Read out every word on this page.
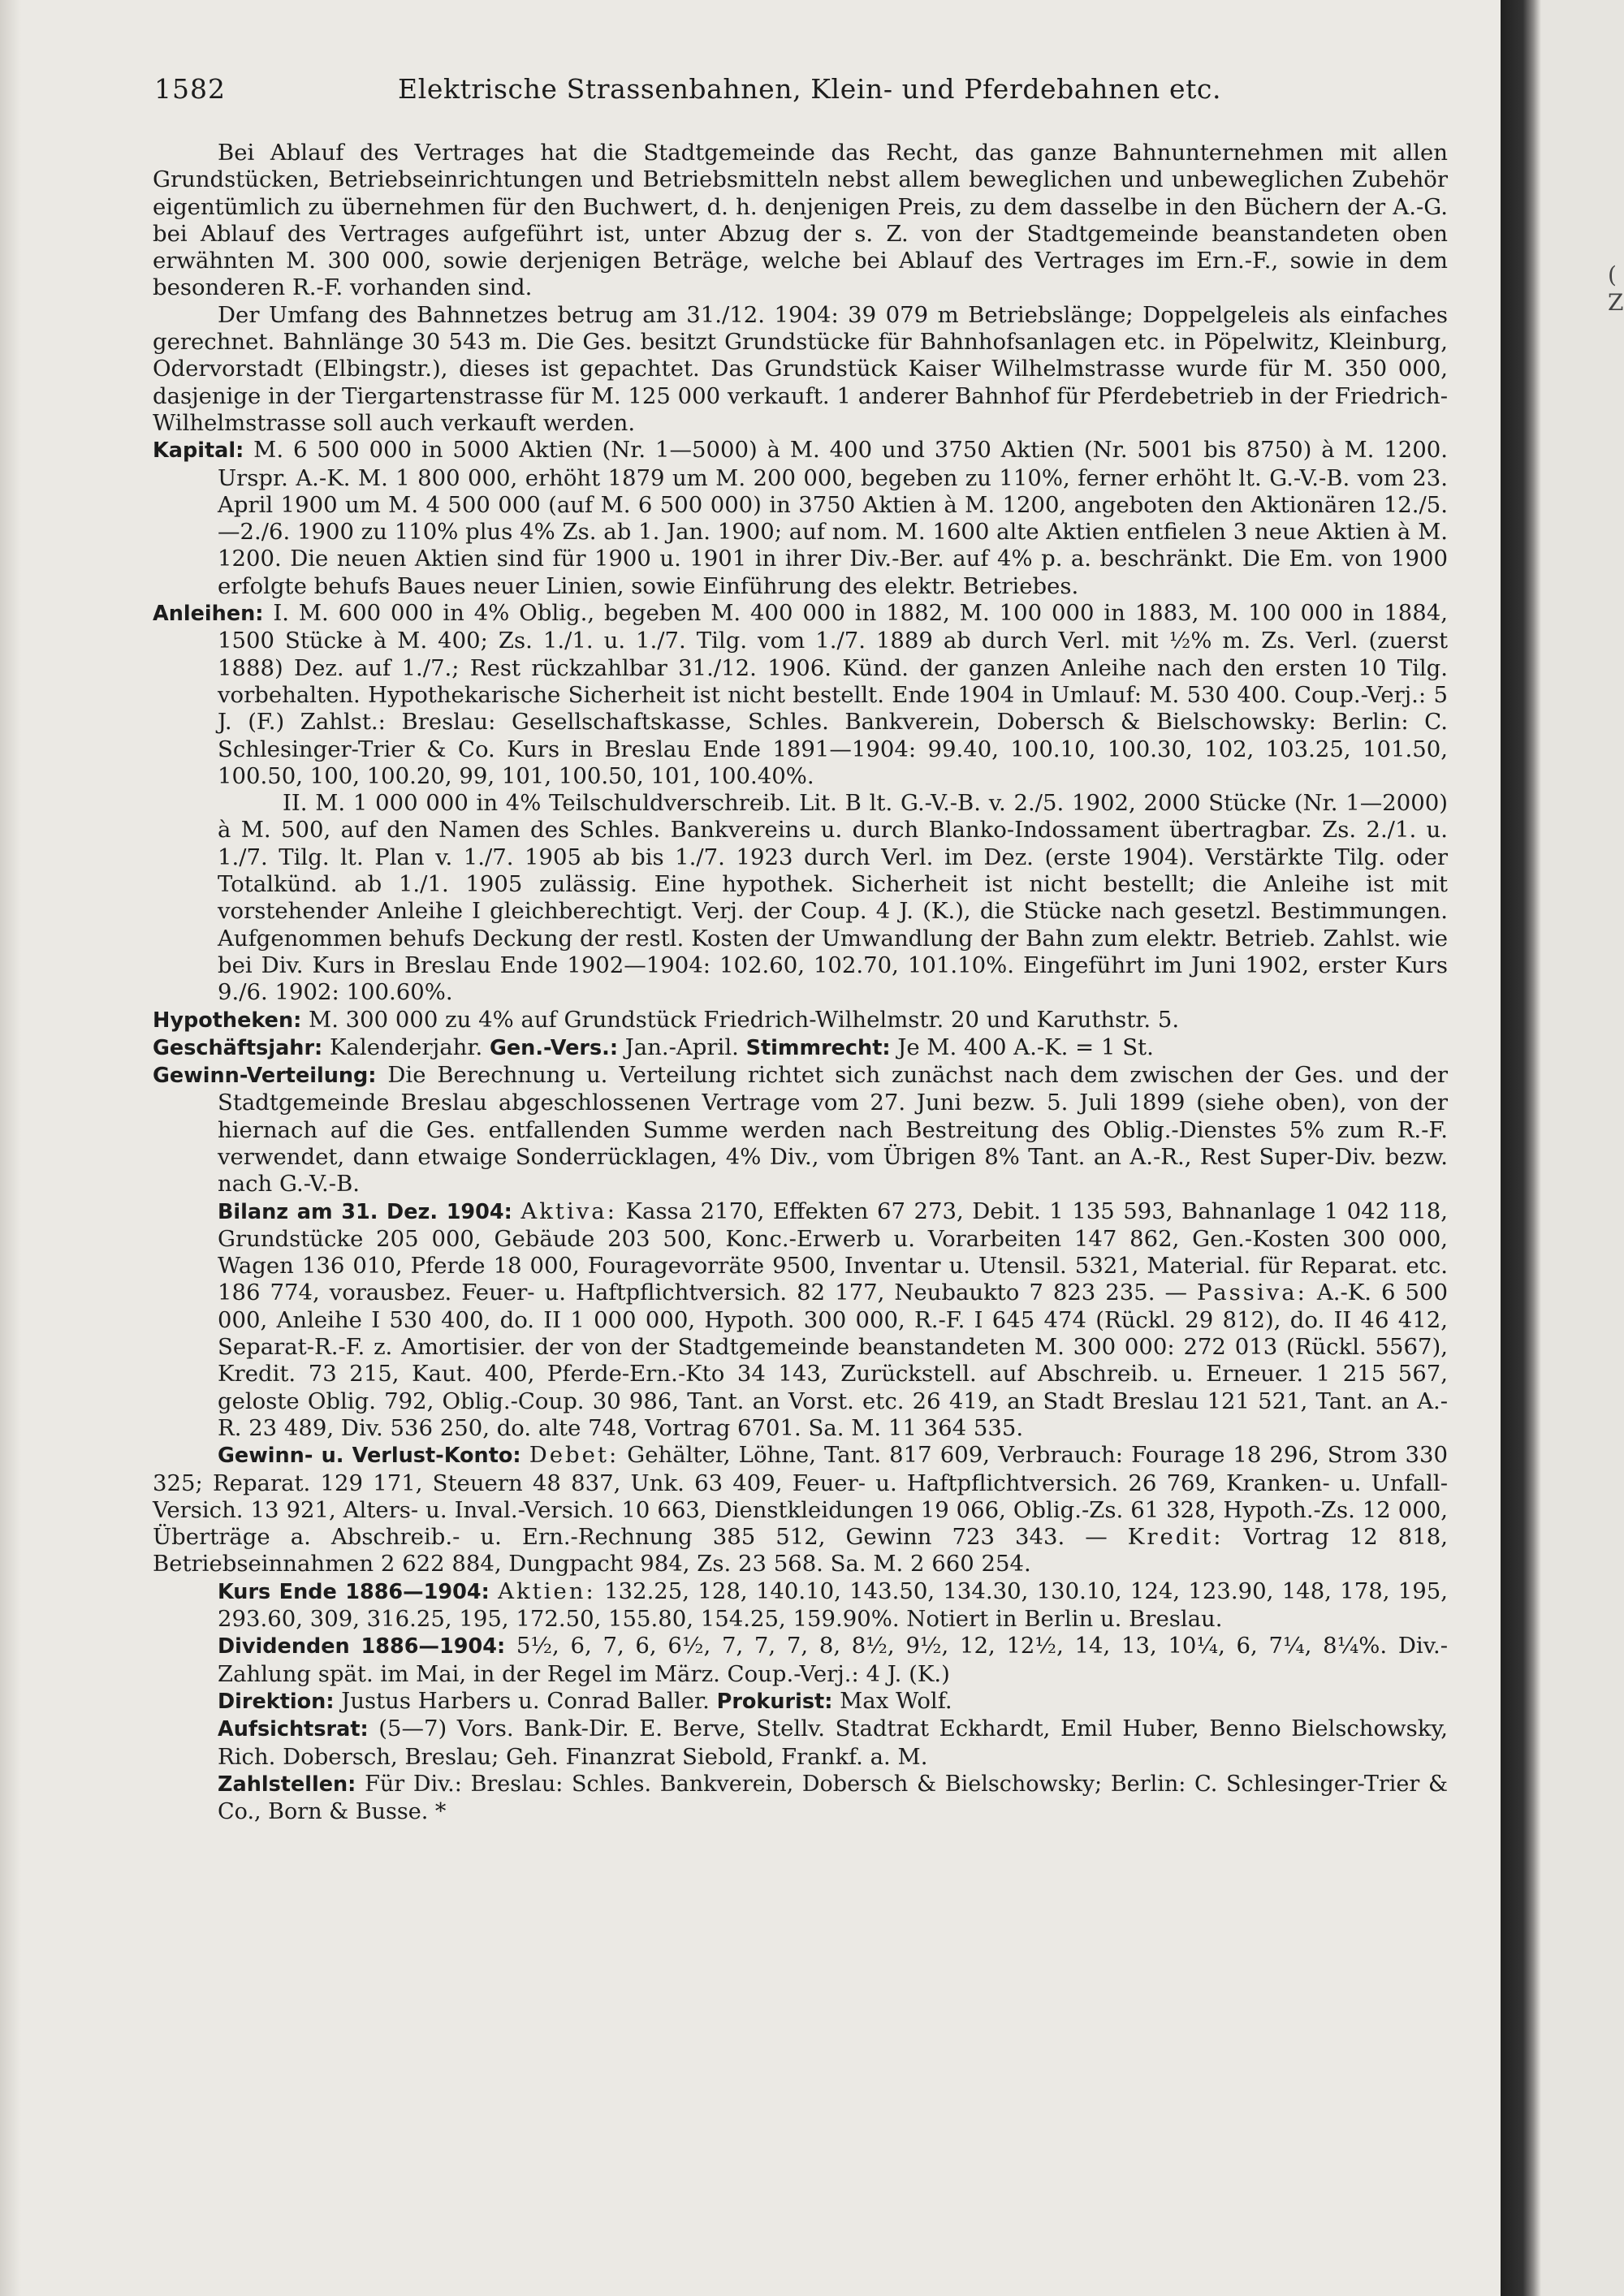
(
Z
1582	Elektrische Strassenbahnen, Klein- und Pferdebahnen etc.

Bei Ablauf des Vertrages hat die Stadtgemeinde das Recht, das ganze Bahnunternehmen mit allen Grundstücken, Betriebseinrichtungen und Betriebsmitteln nebst allem beweglichen und unbeweglichen Zubehör eigentümlich zu übernehmen für den Buchwert, d. h. denjenigen Preis, zu dem dasselbe in den Büchern der A.-G. bei Ablauf des Vertrages aufgeführt ist, unter Abzug der s. Z. von der Stadtgemeinde beanstandeten oben erwähnten M. 300 000, sowie derjenigen Beträge, welche bei Ablauf des Vertrages im Ern.-F., sowie in dem besonderen R.-F. vorhanden sind.

Der Umfang des Bahnnetzes betrug am 31./12. 1904: 39 079 m Betriebslänge; Doppelgeleis als einfaches gerechnet. Bahnlänge 30 543 m. Die Ges. besitzt Grundstücke für Bahnhofsanlagen etc. in Pöpelwitz, Kleinburg, Odervorstadt (Elbingstr.), dieses ist gepachtet. Das Grundstück Kaiser Wilhelmstrasse wurde für M. 350 000, dasjenige in der Tiergartenstrasse für M. 125 000 verkauft. 1 anderer Bahnhof für Pferdebetrieb in der Friedrich-Wilhelmstrasse soll auch verkauft werden.

Kapital: M. 6 500 000 in 5000 Aktien (Nr. 1—5000) à M. 400 und 3750 Aktien (Nr. 5001 bis 8750) à M. 1200. Urspr. A.-K. M. 1 800 000, erhöht 1879 um M. 200 000, begeben zu 110%, ferner erhöht lt. G.-V.-B. vom 23. April 1900 um M. 4 500 000 (auf M. 6 500 000) in 3750 Aktien à M. 1200, angeboten den Aktionären 12./5.—2./6. 1900 zu 110% plus 4% Zs. ab 1. Jan. 1900; auf nom. M. 1600 alte Aktien entfielen 3 neue Aktien à M. 1200. Die neuen Aktien sind für 1900 u. 1901 in ihrer Div.-Ber. auf 4% p. a. beschränkt. Die Em. von 1900 erfolgte behufs Baues neuer Linien, sowie Einführung des elektr. Betriebes.

Anleihen: I. M. 600 000 in 4% Oblig., begeben M. 400 000 in 1882, M. 100 000 in 1883, M. 100 000 in 1884, 1500 Stücke à M. 400; Zs. 1./1. u. 1./7. Tilg. vom 1./7. 1889 ab durch Verl. mit ½% m. Zs. Verl. (zuerst 1888) Dez. auf 1./7.; Rest rückzahlbar 31./12. 1906. Künd. der ganzen Anleihe nach den ersten 10 Tilg. vorbehalten. Hypothekarische Sicherheit ist nicht bestellt. Ende 1904 in Umlauf: M. 530 400. Coup.-Verj.: 5 J. (F.) Zahlst.: Breslau: Gesellschaftskasse, Schles. Bankverein, Dobersch & Bielschowsky: Berlin: C. Schlesinger-Trier & Co. Kurs in Breslau Ende 1891—1904: 99.40, 100.10, 100.30, 102, 103.25, 101.50, 100.50, 100, 100.20, 99, 101, 100.50, 101, 100.40%.

II. M. 1 000 000 in 4% Teilschuldverschreib. Lit. B lt. G.-V.-B. v. 2./5. 1902, 2000 Stücke (Nr. 1—2000) à M. 500, auf den Namen des Schles. Bankvereins u. durch Blanko-Indossament übertragbar. Zs. 2./1. u. 1./7. Tilg. lt. Plan v. 1./7. 1905 ab bis 1./7. 1923 durch Verl. im Dez. (erste 1904). Verstärkte Tilg. oder Totalkünd. ab 1./1. 1905 zulässig. Eine hypothek. Sicherheit ist nicht bestellt; die Anleihe ist mit vorstehender Anleihe I gleichberechtigt. Verj. der Coup. 4 J. (K.), die Stücke nach gesetzl. Bestimmungen. Aufgenommen behufs Deckung der restl. Kosten der Umwandlung der Bahn zum elektr. Betrieb. Zahlst. wie bei Div. Kurs in Breslau Ende 1902—1904: 102.60, 102.70, 101.10%. Eingeführt im Juni 1902, erster Kurs 9./6. 1902: 100.60%.

Hypotheken: M. 300 000 zu 4% auf Grundstück Friedrich-Wilhelmstr. 20 und Karuthstr. 5.

Geschäftsjahr: Kalenderjahr. Gen.-Vers.: Jan.-April. Stimmrecht: Je M. 400 A.-K. = 1 St.

Gewinn-Verteilung: Die Berechnung u. Verteilung richtet sich zunächst nach dem zwischen der Ges. und der Stadtgemeinde Breslau abgeschlossenen Vertrage vom 27. Juni bezw. 5. Juli 1899 (siehe oben), von der hiernach auf die Ges. entfallenden Summe werden nach Bestreitung des Oblig.-Dienstes 5% zum R.-F. verwendet, dann etwaige Sonderrücklagen, 4% Div., vom Übrigen 8% Tant. an A.-R., Rest Super-Div. bezw. nach G.-V.-B.

Bilanz am 31. Dez. 1904: Aktiva: Kassa 2170, Effekten 67 273, Debit. 1 135 593, Bahnanlage 1 042 118, Grundstücke 205 000, Gebäude 203 500, Konc.-Erwerb u. Vorarbeiten 147 862, Gen.-Kosten 300 000, Wagen 136 010, Pferde 18 000, Fouragevorräte 9500, Inventar u. Utensil. 5321, Material. für Reparat. etc. 186 774, vorausbez. Feuer- u. Haftpflichtversich. 82 177, Neubaukto 7 823 235. — Passiva: A.-K. 6 500 000, Anleihe I 530 400, do. II 1 000 000, Hypoth. 300 000, R.-F. I 645 474 (Rückl. 29 812), do. II 46 412, Separat-R.-F. z. Amortisier. der von der Stadtgemeinde beanstandeten M. 300 000: 272 013 (Rückl. 5567), Kredit. 73 215, Kaut. 400, Pferde-Ern.-Kto 34 143, Zurückstell. auf Abschreib. u. Erneuer. 1 215 567, geloste Oblig. 792, Oblig.-Coup. 30 986, Tant. an Vorst. etc. 26 419, an Stadt Breslau 121 521, Tant. an A.-R. 23 489, Div. 536 250, do. alte 748, Vortrag 6701. Sa. M. 11 364 535.

Gewinn- u. Verlust-Konto: Debet: Gehälter, Löhne, Tant. 817 609, Verbrauch: Fourage 18 296, Strom 330 325; Reparat. 129 171, Steuern 48 837, Unk. 63 409, Feuer- u. Haftpflichtversich. 26 769, Kranken- u. Unfall-Versich. 13 921, Alters- u. Inval.-Versich. 10 663, Dienstkleidungen 19 066, Oblig.-Zs. 61 328, Hypoth.-Zs. 12 000, Überträge a. Abschreib.- u. Ern.-Rechnung 385 512, Gewinn 723 343. — Kredit: Vortrag 12 818, Betriebseinnahmen 2 622 884, Dungpacht 984, Zs. 23 568. Sa. M. 2 660 254.

Kurs Ende 1886—1904: Aktien: 132.25, 128, 140.10, 143.50, 134.30, 130.10, 124, 123.90, 148, 178, 195, 293.60, 309, 316.25, 195, 172.50, 155.80, 154.25, 159.90%. Notiert in Berlin u. Breslau.

Dividenden 1886—1904: 5½, 6, 7, 6, 6½, 7, 7, 7, 8, 8½, 9½, 12, 12½, 14, 13, 10¼, 6, 7¼, 8¼%. Div.-Zahlung spät. im Mai, in der Regel im März. Coup.-Verj.: 4 J. (K.)

Direktion: Justus Harbers u. Conrad Baller. Prokurist: Max Wolf.

Aufsichtsrat: (5—7) Vors. Bank-Dir. E. Berve, Stellv. Stadtrat Eckhardt, Emil Huber, Benno Bielschowsky, Rich. Dobersch, Breslau; Geh. Finanzrat Siebold, Frankf. a. M.

Zahlstellen: Für Div.: Breslau: Schles. Bankverein, Dobersch & Bielschowsky; Berlin: C. Schlesinger-Trier & Co., Born & Busse. *
